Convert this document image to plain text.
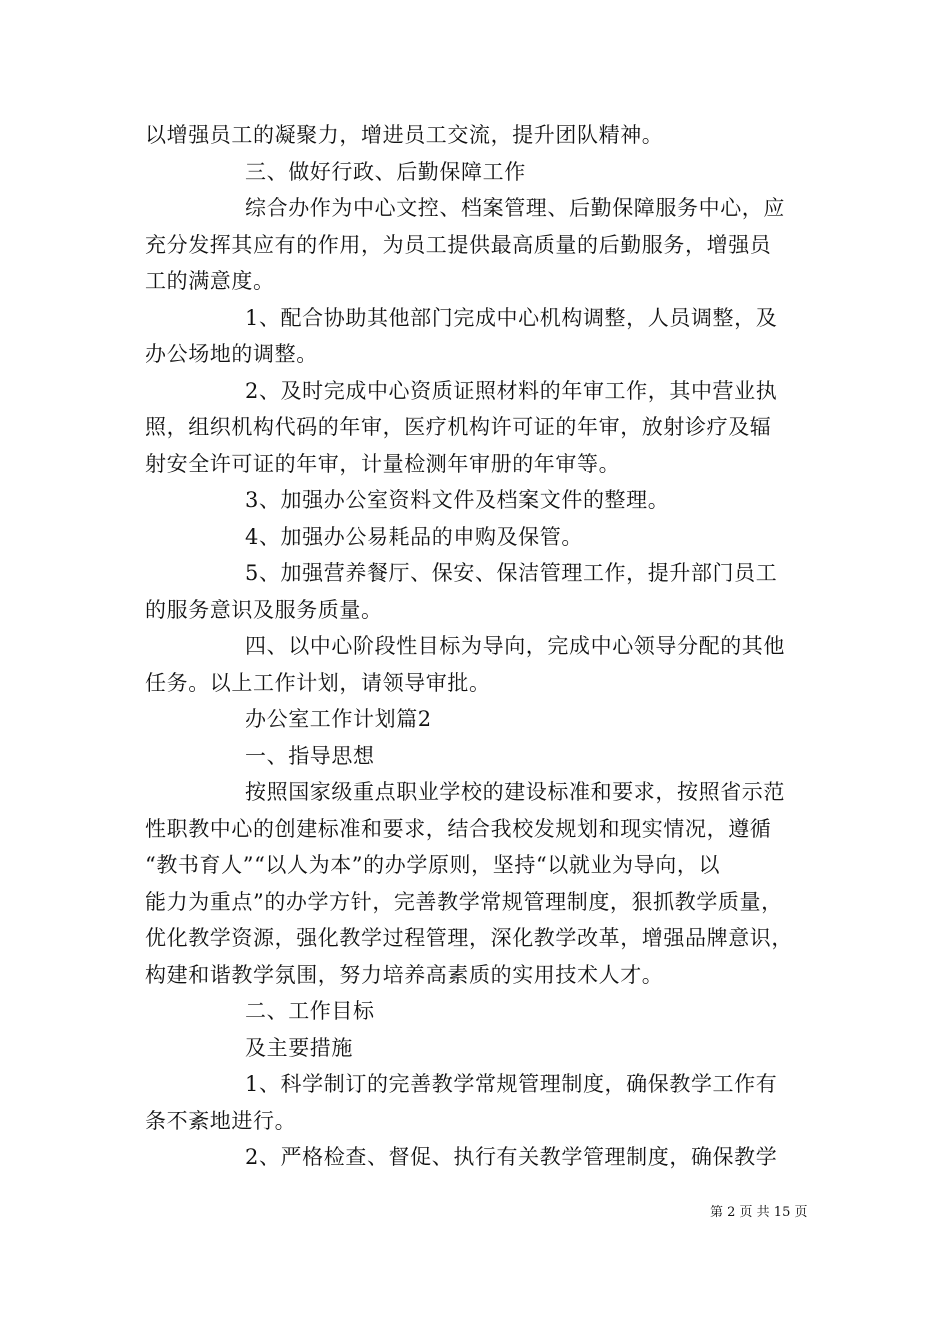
以增强员工的凝聚力，增进员工交流，提升团队精神。
三、做好行政、后勤保障工作
综合办作为中心文控、档案管理、后勤保障服务中心，应
充分发挥其应有的作用，为员工提供最高质量的后勤服务，增强员
工的满意度。
1、配合协助其他部门完成中心机构调整，人员调整，及
办公场地的调整。
2、及时完成中心资质证照材料的年审工作，其中营业执
照，组织机构代码的年审，医疗机构许可证的年审，放射诊疗及辐
射安全许可证的年审，计量检测年审册的年审等。
3、加强办公室资料文件及档案文件的整理。
4、加强办公易耗品的申购及保管。
5、加强营养餐厅、保安、保洁管理工作，提升部门员工
的服务意识及服务质量。
四、以中心阶段性目标为导向，完成中心领导分配的其他
任务。以上工作计划，请领导审批。
办公室工作计划篇2
一、指导思想
按照国家级重点职业学校的建设标准和要求，按照省示范
性职教中心的创建标准和要求，结合我校发规划和现实情况，遵循
“教书育人”“以人为本”的办学原则，坚持“以就业为导向，以
能力为重点”的办学方针，完善教学常规管理制度，狠抓教学质量，
优化教学资源，强化教学过程管理，深化教学改革，增强品牌意识，
构建和谐教学氛围，努力培养高素质的实用技术人才。
二、工作目标
及主要措施
1、科学制订的完善教学常规管理制度，确保教学工作有
条不紊地进行。
2、严格检查、督促、执行有关教学管理制度，确保教学
第 2 页 共 15 页
